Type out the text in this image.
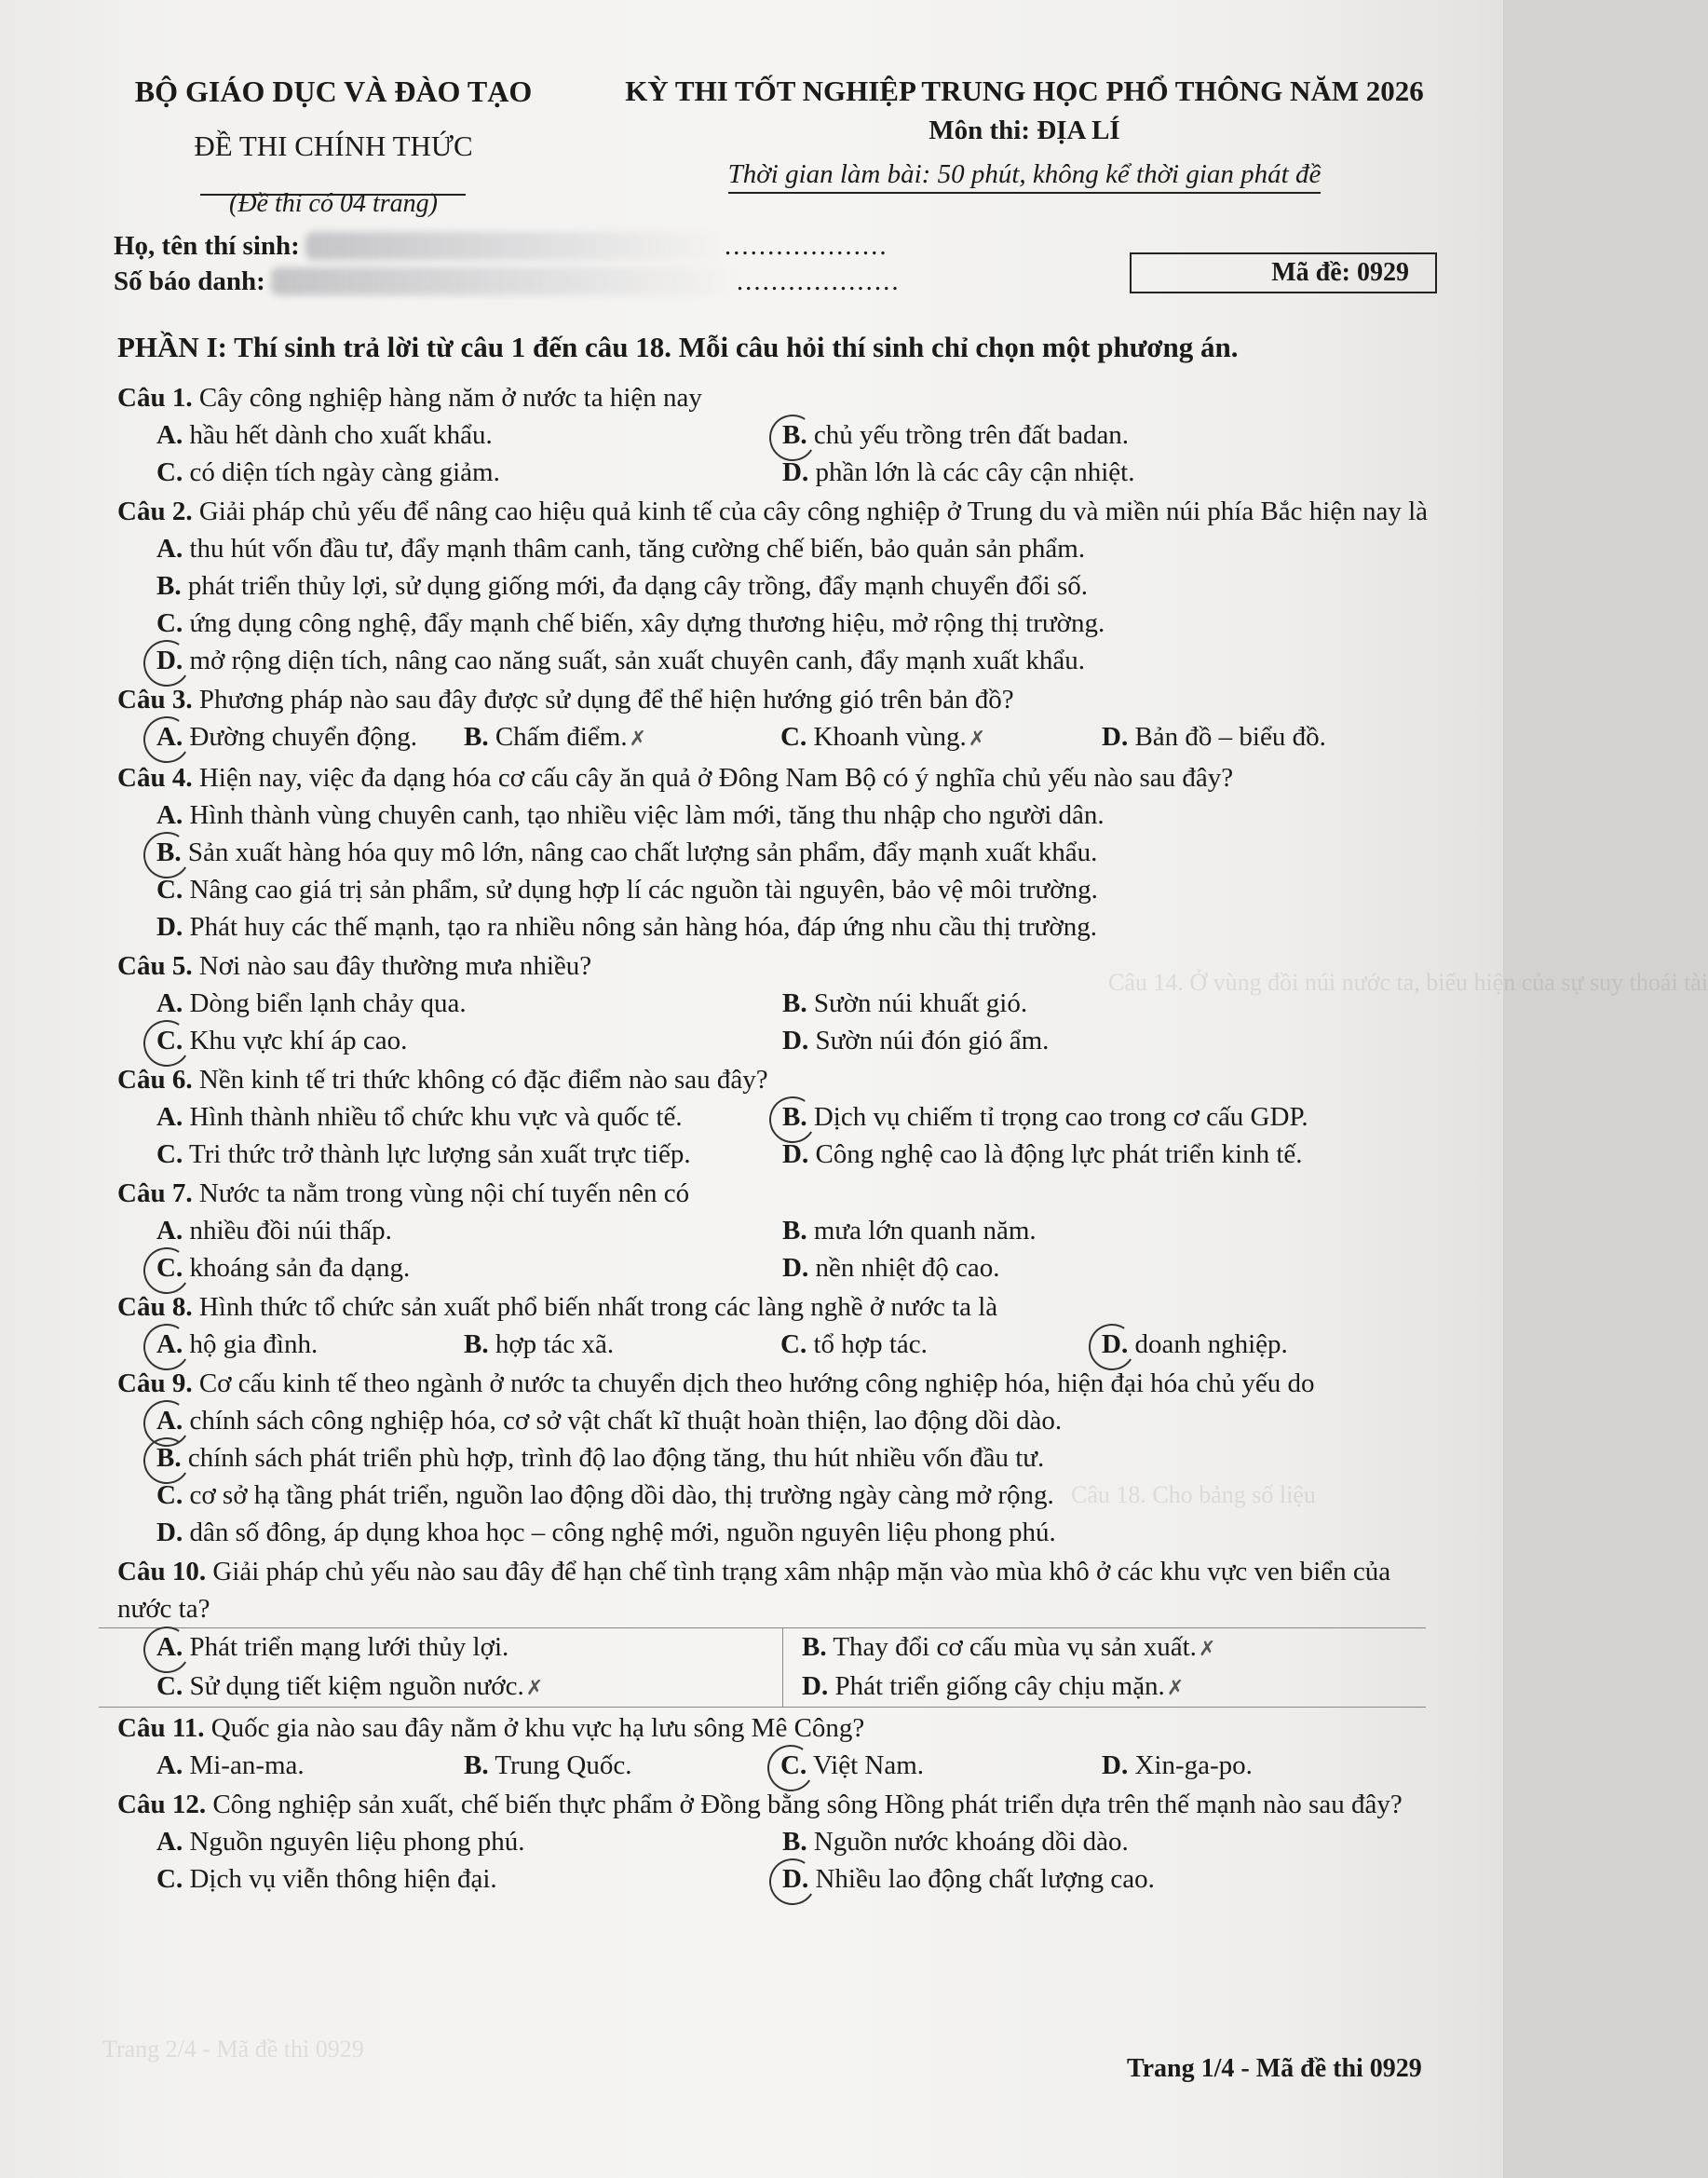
Câu 14. Ở vùng đồi núi nước ta, biểu hiện của sự suy thoái tài
Câu 18. Cho bảng số liệu
Trang 2/4 - Mã đề thi 0929
BỘ GIÁO DỤC VÀ ĐÀO TẠO
ĐỀ THI CHÍNH THỨC
(Đề thi có 04 trang)
KỲ THI TỐT NGHIỆP TRUNG HỌC PHỔ THÔNG NĂM 2026
Môn thi: ĐỊA LÍ
Thời gian làm bài: 50 phút, không kể thời gian phát đề
Họ, tên thí sinh:	...................
Số báo danh:	...................	Mã đề: 0929
PHẦN I: Thí sinh trả lời từ câu 1 đến câu 18. Mỗi câu hỏi thí sinh chỉ chọn một phương án.
Câu 1. Cây công nghiệp hàng năm ở nước ta hiện nay
A. hầu hết dành cho xuất khẩu.	B. chủ yếu trồng trên đất badan.
C. có diện tích ngày càng giảm.	D. phần lớn là các cây cận nhiệt.
Câu 2. Giải pháp chủ yếu để nâng cao hiệu quả kinh tế của cây công nghiệp ở Trung du và miền núi phía Bắc hiện nay là
A. thu hút vốn đầu tư, đẩy mạnh thâm canh, tăng cường chế biến, bảo quản sản phẩm.
B. phát triển thủy lợi, sử dụng giống mới, đa dạng cây trồng, đẩy mạnh chuyển đổi số.
C. ứng dụng công nghệ, đẩy mạnh chế biến, xây dựng thương hiệu, mở rộng thị trường.
D. mở rộng diện tích, nâng cao năng suất, sản xuất chuyên canh, đẩy mạnh xuất khẩu.
Câu 3. Phương pháp nào sau đây được sử dụng để thể hiện hướng gió trên bản đồ?
A. Đường chuyển động.	B. Chấm điểm. ✗	C. Khoanh vùng. ✗	D. Bản đồ – biểu đồ.
Câu 4. Hiện nay, việc đa dạng hóa cơ cấu cây ăn quả ở Đông Nam Bộ có ý nghĩa chủ yếu nào sau đây?
A. Hình thành vùng chuyên canh, tạo nhiều việc làm mới, tăng thu nhập cho người dân.
B. Sản xuất hàng hóa quy mô lớn, nâng cao chất lượng sản phẩm, đẩy mạnh xuất khẩu.
C. Nâng cao giá trị sản phẩm, sử dụng hợp lí các nguồn tài nguyên, bảo vệ môi trường.
D. Phát huy các thế mạnh, tạo ra nhiều nông sản hàng hóa, đáp ứng nhu cầu thị trường.
Câu 5. Nơi nào sau đây thường mưa nhiều?
A. Dòng biển lạnh chảy qua.	B. Sườn núi khuất gió.
C. Khu vực khí áp cao.	D. Sườn núi đón gió ẩm.
Câu 6. Nền kinh tế tri thức không có đặc điểm nào sau đây?
A. Hình thành nhiều tổ chức khu vực và quốc tế.	B. Dịch vụ chiếm tỉ trọng cao trong cơ cấu GDP.
C. Tri thức trở thành lực lượng sản xuất trực tiếp.	D. Công nghệ cao là động lực phát triển kinh tế.
Câu 7. Nước ta nằm trong vùng nội chí tuyến nên có
A. nhiều đồi núi thấp.	B. mưa lớn quanh năm.
C. khoáng sản đa dạng.	D. nền nhiệt độ cao.
Câu 8. Hình thức tổ chức sản xuất phổ biến nhất trong các làng nghề ở nước ta là
A. hộ gia đình.	B. hợp tác xã.	C. tổ hợp tác.	D. doanh nghiệp.
Câu 9. Cơ cấu kinh tế theo ngành ở nước ta chuyển dịch theo hướng công nghiệp hóa, hiện đại hóa chủ yếu do
A. chính sách công nghiệp hóa, cơ sở vật chất kĩ thuật hoàn thiện, lao động dồi dào.
B. chính sách phát triển phù hợp, trình độ lao động tăng, thu hút nhiều vốn đầu tư.
C. cơ sở hạ tầng phát triển, nguồn lao động dồi dào, thị trường ngày càng mở rộng.
D. dân số đông, áp dụng khoa học – công nghệ mới, nguồn nguyên liệu phong phú.
Câu 10. Giải pháp chủ yếu nào sau đây để hạn chế tình trạng xâm nhập mặn vào mùa khô ở các khu vực ven biển của nước ta?
A. Phát triển mạng lưới thủy lợi.	B. Thay đổi cơ cấu mùa vụ sản xuất. ✗
C. Sử dụng tiết kiệm nguồn nước. ✗	D. Phát triển giống cây chịu mặn. ✗
Câu 11. Quốc gia nào sau đây nằm ở khu vực hạ lưu sông Mê Công?
A. Mi-an-ma.	B. Trung Quốc.	C. Việt Nam.	D. Xin-ga-po.
Câu 12. Công nghiệp sản xuất, chế biến thực phẩm ở Đồng bằng sông Hồng phát triển dựa trên thế mạnh nào sau đây?
A. Nguồn nguyên liệu phong phú.	B. Nguồn nước khoáng dồi dào.
C. Dịch vụ viễn thông hiện đại.	D. Nhiều lao động chất lượng cao.
Trang 1/4 - Mã đề thi 0929
